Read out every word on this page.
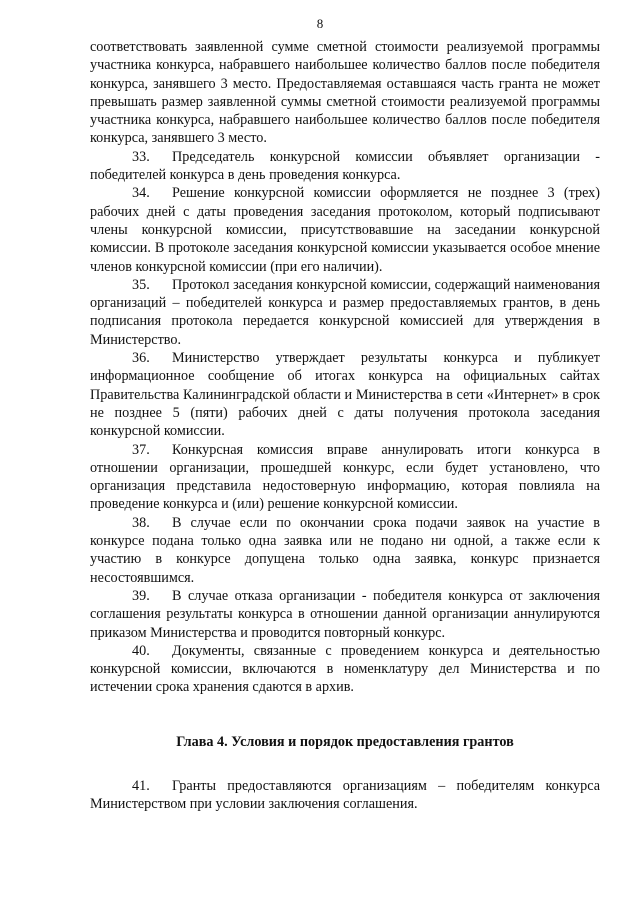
8

соответствовать заявленной сумме сметной стоимости реализуемой программы участника конкурса, набравшего наибольшее количество баллов после победителя конкурса, занявшего 3 место. Предоставляемая оставшаяся часть гранта не может превышать размер заявленной суммы сметной стоимости реализуемой программы участника конкурса, набравшего наибольшее количество баллов после победителя конкурса, занявшего 3 место.

33. Председатель конкурсной комиссии объявляет организации - победителей конкурса в день проведения конкурса.

34. Решение конкурсной комиссии оформляется не позднее 3 (трех) рабочих дней с даты проведения заседания протоколом, который подписывают члены конкурсной комиссии, присутствовавшие на заседании конкурсной комиссии. В протоколе заседания конкурсной комиссии указывается особое мнение членов конкурсной комиссии (при его наличии).

35. Протокол заседания конкурсной комиссии, содержащий наименования организаций – победителей конкурса и размер предоставляемых грантов, в день подписания протокола передается конкурсной комиссией для утверждения в Министерство.

36. Министерство утверждает результаты конкурса и публикует информационное сообщение об итогах конкурса на официальных сайтах Правительства Калининградской области и Министерства в сети «Интернет» в срок не позднее 5 (пяти) рабочих дней с даты получения протокола заседания конкурсной комиссии.

37. Конкурсная комиссия вправе аннулировать итоги конкурса в отношении организации, прошедшей конкурс, если будет установлено, что организация представила недостоверную информацию, которая повлияла на проведение конкурса и (или) решение конкурсной комиссии.

38. В случае если по окончании срока подачи заявок на участие в конкурсе подана только одна заявка или не подано ни одной, а также если к участию в конкурсе допущена только одна заявка, конкурс признается несостоявшимся.

39. В случае отказа организации - победителя конкурса от заключения соглашения результаты конкурса в отношении данной организации аннулируются приказом Министерства и проводится повторный конкурс.

40. Документы, связанные с проведением конкурса и деятельностью конкурсной комиссии, включаются в номенклатуру дел Министерства и по истечении срока хранения сдаются в архив.

Глава 4. Условия и порядок предоставления грантов

41. Гранты предоставляются организациям – победителям конкурса Министерством при условии заключения соглашения.
